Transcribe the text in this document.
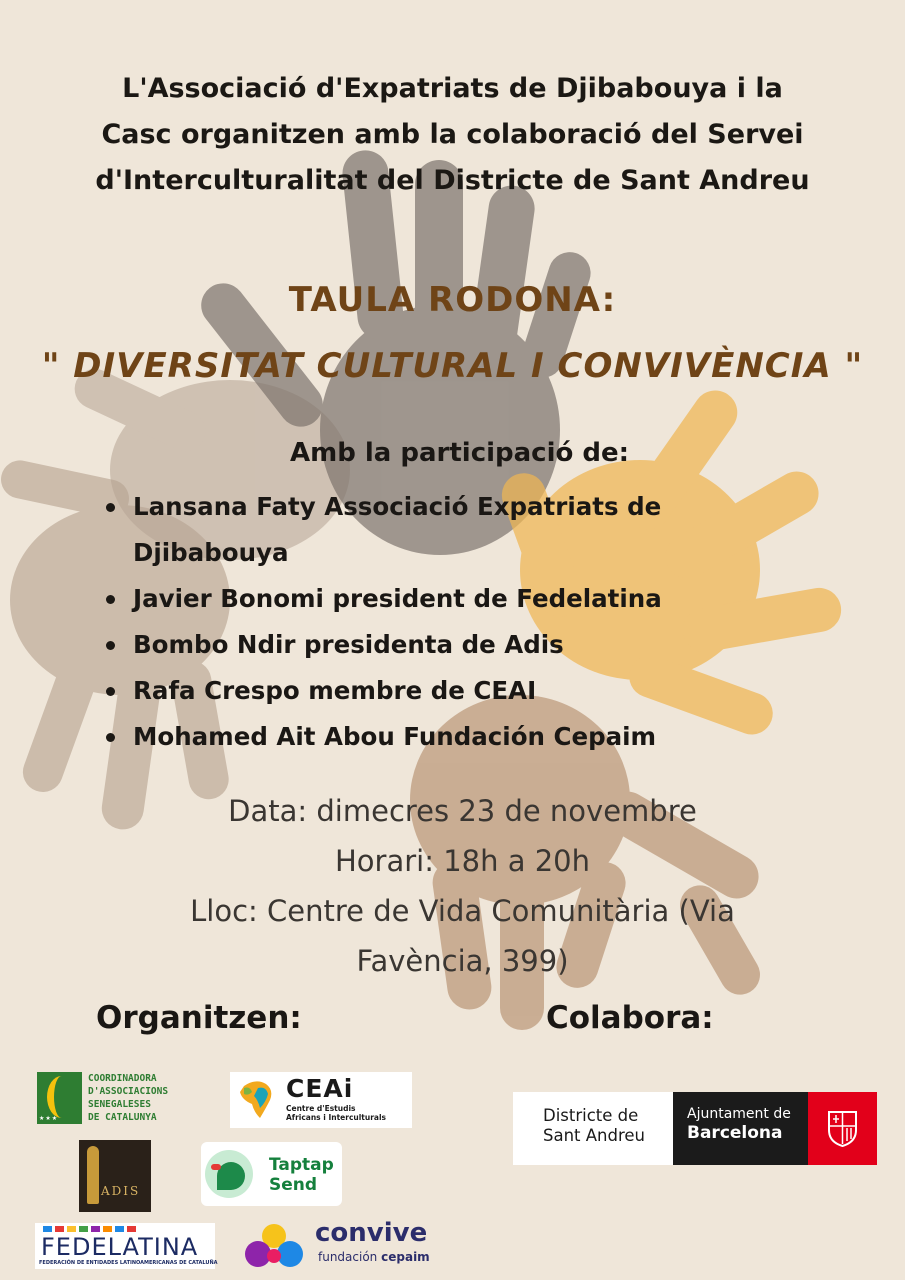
L'Associació d'Expatriats de Djibabouya i la
Casc organitzen amb la colaboració del Servei
d'Interculturalitat del Districte de Sant Andreu
TAULA RODONA:
" DIVERSITAT CULTURAL I CONVIVÈNCIA "
Amb la participació de:
Lansana Faty Associació Expatriats de
Djibabouya
Javier Bonomi president de Fedelatina
Bombo Ndir presidenta de Adis
Rafa Crespo membre de CEAI
Mohamed Ait Abou Fundación Cepaim
Data: dimecres 23 de novembre
Horari: 18h a 20h
Lloc: Centre de Vida Comunitària (Via
Favència, 399)
Organitzen:	Colabora:
★★★
COORDINADORA
D'ASSOCIACIONS
SENEGALESES
DE CATALUNYA
CEAi
Centre d'Estudis
Africans i Interculturals
ADIS
Taptap
Send
FEDELATINA
FEDERACIÓN DE ENTIDADES LATINOAMERICANAS DE CATALUÑA
convive
fundación cepaim
Districte de
Sant Andreu
Ajuntament de
Barcelona
